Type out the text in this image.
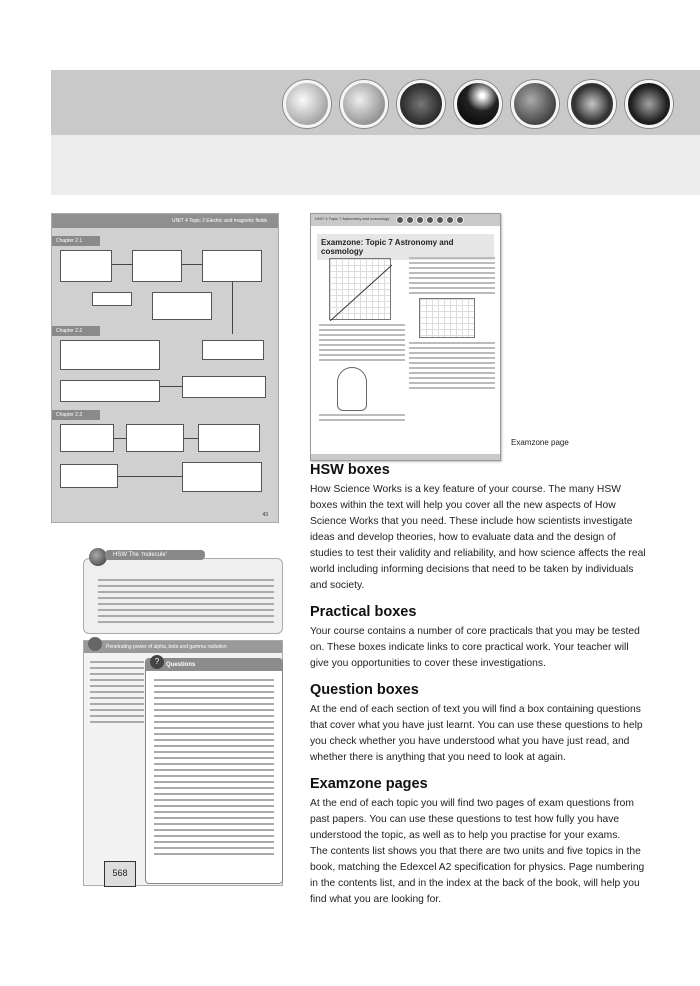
UNIT 4 Topic 2 Electric and magnetic fields
Chapter 2.1
Chapter 2.2
Chapter 2.3
43
UNIT 4 Topic 7 Astronomy and cosmology
Examzone: Topic 7 Astronomy and cosmology
Examzone page
HSW The 'molecule'
Penetrating power of alpha, beta and gamma radiation
568
Questions
?
HSW boxes

How Science Works is a key feature of your course. The many HSW boxes within the text will help you cover all the new aspects of How Science Works that you need. These include how scientists investigate ideas and develop theories, how to evaluate data and the design of studies to test their validity and reliability, and how science affects the real world including informing decisions that need to be taken by individuals and society.

Practical boxes

Your course contains a number of core practicals that you may be tested on. These boxes indicate links to core practical work. Your teacher will give you opportunities to cover these investigations.

Question boxes

At the end of each section of text you will find a box containing questions that cover what you have just learnt. You can use these questions to help you check whether you have understood what you have just read, and whether there is anything that you need to look at again.

Examzone pages

At the end of each topic you will find two pages of exam questions from past papers. You can use these questions to test how fully you have understood the topic, as well as to help you practise for your exams.

The contents list shows you that there are two units and five topics in the book, matching the Edexcel A2 specification for physics. Page numbering in the contents list, and in the index at the back of the book, will help you find what you are looking for.
